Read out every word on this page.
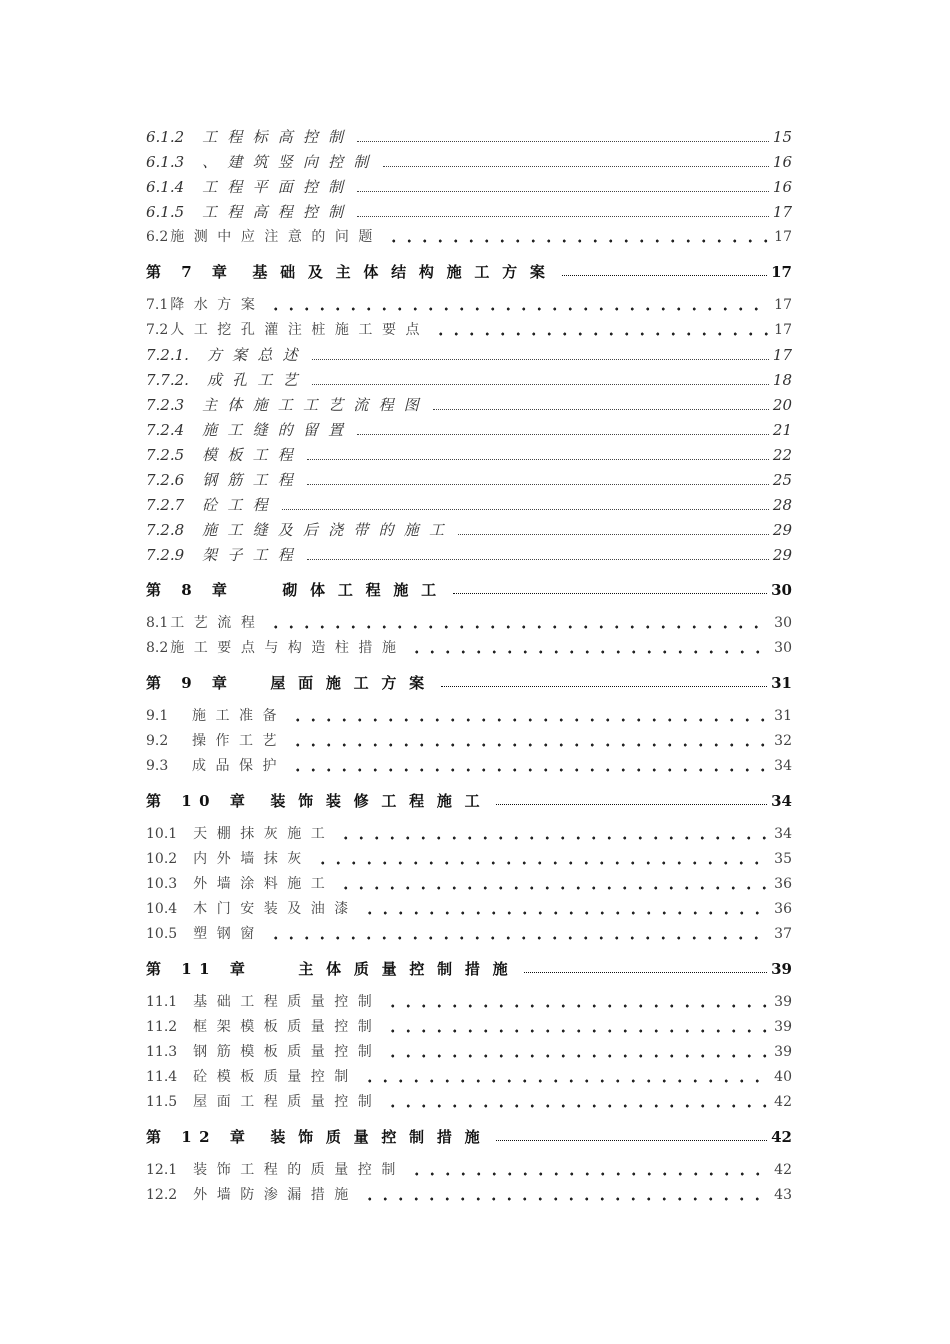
6.1.2 工程标高控制	15
6.1.3 、建筑竖向控制	16
6.1.4 工程平面控制	16
6.1.5 工程高程控制	17
6.2 施测中应注意的问题	17
第 7 章 基础及主体结构施工方案	17
7.1 降水方案	17
7.2 人工挖孔灌注桩施工要点	17
7.2.1. 方案总述	17
7.7.2. 成孔工艺	18
7.2.3 主体施工工艺流程图	20
7.2.4 施工缝的留置	21
7.2.5 模板工程	22
7.2.6 钢筋工程	25
7.2.7 砼工程	28
7.2.8 施工缝及后浇带的施工	29
7.2.9 架子工程	29
第 8 章	砌体工程施工	30
8.1 工艺流程	30
8.2 施工要点与构造柱措施	30
第 9 章 屋面施工方案	31
9.1	施工准备	31
9.2	操作工艺	32
9.3	成品保护	34
第 10 章 装饰装修工程施工	34
10.1 天棚抹灰施工	34
10.2 内外墙抹灰	35
10.3 外墙涂料施工	36
10.4 木门安装及油漆	36
10.5 塑钢窗	37
第 11 章	主体质量控制措施	39
11.1 基础工程质量控制	39
11.2 框架模板质量控制	39
11.3 钢筋模板质量控制	39
11.4 砼模板质量控制	40
11.5 屋面工程质量控制	42
第 12 章 装饰质量控制措施	42
12.1 装饰工程的质量控制	42
12.2 外墙防渗漏措施	43
